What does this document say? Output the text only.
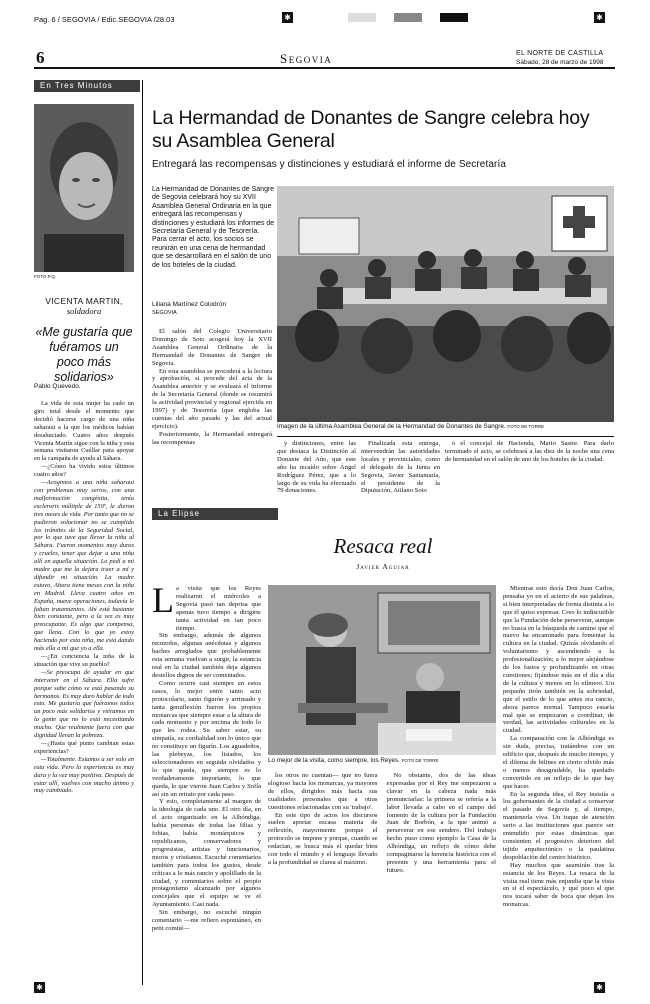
Pag. 6 / SEGOVIA / Edic.SEGOVIA /28.03	✱	✱
6	Segovia	EL NORTE DE CASTILLA
Sábado, 28 de marzo de 1998
En Tres Minutos
FOTO P.Q.
VICENTA MARTIN,
soldadora
«Me gustaría que fuéramos un poco más solidarios»
Pablo Quevedo.

La vida de esta mujer ha cado un giro total desde el momento que decidió hacerse cargo de una niña saharaui a la que los médicos habían desahuciado. Cuatro años después Vicenta Martín sigue con la niña y esta semana visitaron Cuéllar para apoyar en la campaña de ayuda al Sáhara.

—¿Cómo ha vivido estos últimos cuatro años?

—Acogimos a una niña saharaui con problemas muy serios, con una malformación congénita, tenía escleroris múltiple de 150º, le dieron tres meses de vida. Por tanto que no se pudieron solucionar no se cumplido los trámites de la Seguridad Social, por lo que tuve que llevar la niña al Sáhara. Fueron momentos muy duros y crueles, tener que dejar a una niña allí en aquella situación. Lo pedí a mi madre que me la dejara traer a mí y difundir mi situación. La madre estuvo, Ahora tiene meses con la niña en Madrid. Lleva cuatro años en España, nueve operaciones, todavía le faltan tratamientos. Ahí está bastante bien constante, pero a la vez es muy preocupante. Es algo que compensa, que llena. Con lo que yo estoy haciendo por esta niña, me está dando más ella a mí que yo a ella.

—¿En conciencia la niña de la situación que vive su pueblo?

—Se preocupa de ayudar en que intervenir en el Sáhara. Ella sufre porque sabe cómo se está pasando su hermanos. Es muy duro hablar de todo esto. Me gustaría que fuéramos todos un poco más solidarios y viéramos en la gente que no lo está necesitando mucho. Que realmente fuera con que dignidad llevan la pobreza.

—¿Hasta qué punto cambian estas experiencias?

—Totalmente. Estamos a ser solo en esta vida. Pero la experiencia es muy dura y la vez muy positiva. Después de estar allí, vuelves con mucho ánimo y muy cambiado.

La Hermandad de Donantes de Sangre celebra hoy su Asamblea General
Entregará las recompensas y distinciones y estudiará el informe de Secretaría
La Hermandad de Donantes de Sangre de Segovia celebrará hoy su XVII Asamblea General Ordinaria en la que entregará las recompensas y distinciones y estudiará los informes de Secretaría General y de Tesorería. Para cerrar el acto, los socios se reunirán en una cena de hermandad que se desarrollará en el salón de uno de los hoteles de la ciudad.
Liliana Martínez Colodrón
SEGOVIA
Imagen de la última Asamblea General de la Hermandad de Donantes de Sangre. FOTO DE TORRE

El salón del Colegio Universitario Domingo de Soto acogerá hoy la XVII Asamblea General Ordinaria de la Hermandad de Donantes de Sangre de Segovia.

En esta asamblea se procederá a la lectura y aprobación, si procede del acta de la Asamblea anterior y se evaluará el informe de la Secretaría General (donde se resumirá la actividad provincial y regional ejercida en 1997) y de Tesorería (que engloba las cuentas del año pasado y las del actual ejercicio).

Posteriormente, la Hermandad entregará las recompensas	y distinciones, entre las que destaca la Distinción al Donante del Año, que este año ha recaído sobre Ángel Rodríguez Pérez, que a lo largo de su vida ha efectuado 79 donaciones.

Finalizada esta entrega, intervendrán las autoridades locales y provinciales, como el delegado de la Junta en Segovia, Javier Santamaría, el presidente de la Diputación, Atilano Soto

o el concejal de Hacienda, Mario Sastre. Para darlo terminado el acto, se celebrará a las diez de la noche una cena de hermandad en el salón de uno de los hoteles de la ciudad.

La Elipse
Resaca real
Javier Aguiar
L a visita que los Reyes realizaron el miércoles a Segovia pasó tan deprisa que apenas tuvo tiempo a dirigirte tanta actividad en tan poco tiempo.

Sin embargo, además de algunos recuerdos, algunas anécdotas y algunos baches arreglados que probablemente esta semana vuelvan a surgir, la estancia real en la ciudad también deja algunos destellos dignos de ser comentados.

Como ocurre casi siempre en estos casos, lo mejor entre tanto acto protocolario, tanto figurón y arrimado y tanta genuflexión fueron los propios monarcas que siempre estar a la altura de cada momento y por encima de todo lo que les rodea. Su saber estar, su simpatía, su cordialidad son lo único que no constituye un figurín. Los aguadeños, las plebeyas, los lisiados, los seleccionadores en seguida olvidados y lo que queda, que siempre es lo verdaderamente importante, lo que queda, lo que vieron Juan Carlos y Sofía así sin un retrato por cada paso.

Y esto, completamente al margen de la ideología de cada uno. El otro día, en el acto organizado en la Alhóndiga, había personas de todas las filias y fobias, había monárquicos y republicanos, conservadores y progresistas, artistas y funcionarios, moros y cristianos. Escuché comentarios también para todos los gustos, desde críticas a lo más rancio y apolillado de la ciudad, y comentarios sobre el propio protagonismo alcanzado por algunos concejales que el equipo se ve el Ayuntamiento. Casi nada.

Sin embargo, no escuché ningún comentario —me refiero espontáneo, en petit comité—

Lo mejor de la visita, como siempre, los Reyes. FOTO DE TORRE

los otros no cuentan— que no fuera elogioso hacia los monarcas, ya mayores de ellos, dirigidos más hacia sus cualidades personales que a otras cuestiones relacionadas con su 'trabajo'.

En este tipo de actos los discursos suelen aportar escasa materia de reflexión, mayormente porque el protocolo se impone y porque, cuando se redactan, se busca más el quedar bien con todo el mundo y el lenguaje llevado a la profundidad se clarea al máximo.

No obstante, dos de las ideas expresadas por el Rey me empezaron a clavar en la cabeza nada más pronunciarlas: la primera se refería a la labor llevada a cabo en el campo del fomento de la cultura por la Fundación Juan de Borbón, a la que animó a perseverar en ese sendero. Del trabajo hecho puso como ejemplo la Casa de la Alhóndiga, un reflejo de cómo debe compaginarse la herencia histórica con el presente y una herramienta para el futuro.

Mientras esto decía Don Juan Carlos, pensaba yo en el acierto de sus palabras, si bien interpretadas de forma distinta a lo que él quiso expresar. Creo lo indiscutible que la Fundación debe perseverar, aunque no busca en la búsqueda de camino que el nuevo ha encaminado para fomentar la cultura en la ciudad. Quizás olvidando el voluntarismo y ascendiendo a la profesionalización; a lo mejor alejándose de los fastos y profundizando en otras cuestiones; fijándose más en el día a día de la cultura y menos en lo efímero. Un pequeño tirón también en la sobriedad, que el estilo de lo que antes era rancio, ahora parece normal. Tampoco estaría mal que se empezaran a coordinar, de verdad, las actividades culturales en la ciudad.

La comparación con la Alhóndiga es sin duda, precisa, tratándose con un edificio que, después de mucho tiempo, y el dilema de bilines en cierto olvido más o menos desagradable, ha quedado convertido en un reflejo de lo que hay que hacer.

En la segunda idea, el Rey insistía a los gobernantes de la ciudad a conservar el pasado de Segovia y, al tiempo, mantenerla viva. Un toque de atención serio a las instituciones que parece ser entendido por estas dinámicas que consienten el progresivo deterioro del tejido arquitectónico o la paulatina despoblación del centro histórico.

Hay muchos que asumirán tras la estancia de los Reyes. La resaca de la visita real tiene más enjundia que la vista en sí el espectáculo, y qué poco al que nos tocará saber de boca que dejan los monarcas.

✱	✱
